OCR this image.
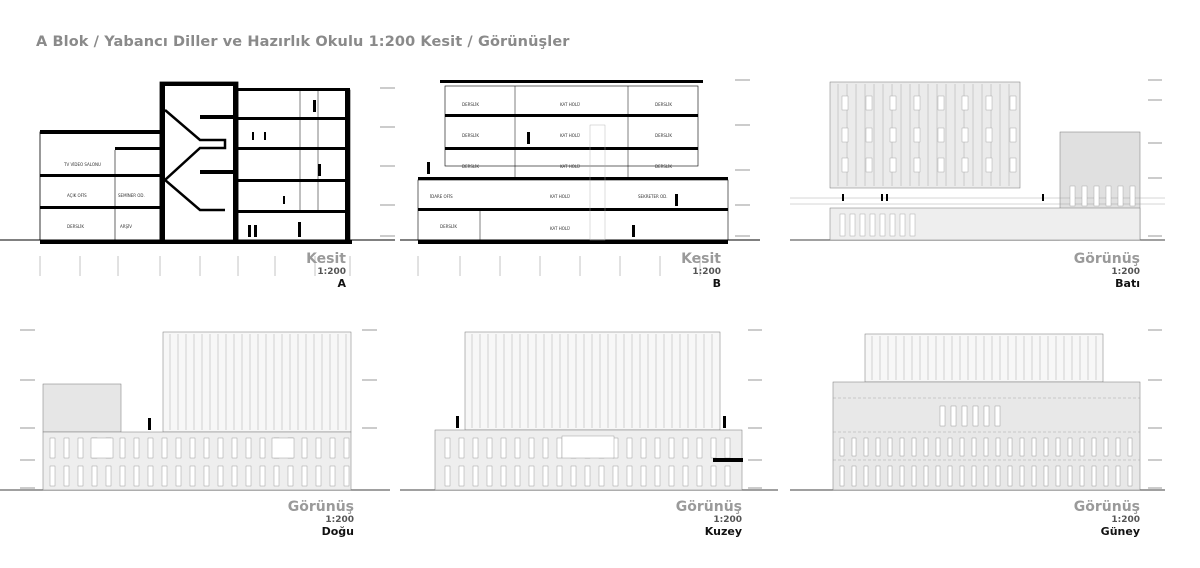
A Blok / Yabancı Diller ve Hazırlık Okulu 1:200 Kesit / Görünüşler
TV VİDEO SALONU
AÇIK OFİS	SEMİNER OD.
DERSLİK	ARŞİV
Kesit
1:200
A
DERSLİK	KAT HOLÜ	DERSLİK
DERSLİK	KAT HOLÜ	DERSLİK
DERSLİK	KAT HOLÜ	DERSLİK
İDARE OFİS	KAT HOLÜ	SEKRETER OD.
DERSLİK	KAT HOLÜ
Kesit
1:200
B
Görünüş
1:200
Batı
Görünüş
1:200
Doğu
Görünüş
1:200
Kuzey
Görünüş
1:200
Güney
